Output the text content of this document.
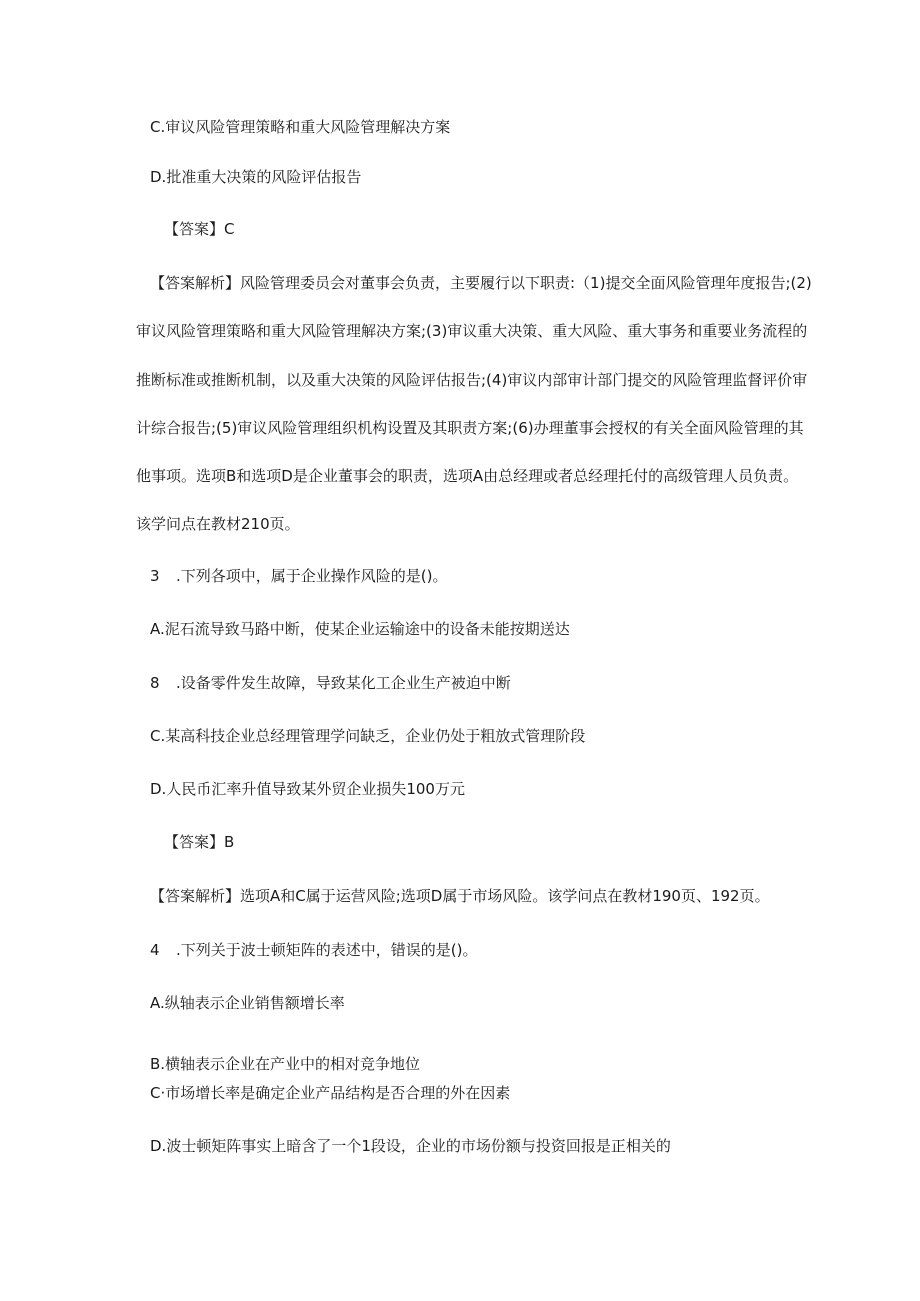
C.审议风险管理策略和重大风险管理解决方案
D.批准重大决策的风险评估报告
【答案】C
【答案解析】风险管理委员会对董事会负责，主要履行以下职责:（1)提交全面风险管理年度报告;(2)
审议风险管理策略和重大风险管理解决方案;(3)审议重大决策、重大风险、重大事务和重要业务流程的
推断标准或推断机制，以及重大决策的风险评估报告;(4)审议内部审计部门提交的风险管理监督评价审
计综合报告;(5)审议风险管理组织机构设置及其职责方案;(6)办理董事会授权的有关全面风险管理的其
他事项。选项B和选项D是企业董事会的职责，选项A由总经理或者总经理托付的高级管理人员负责。
该学问点在教材210页。
3 .下列各项中，属于企业操作风险的是()。
A.泥石流导致马路中断，使某企业运输途中的设备未能按期送达
8 .设备零件发生故障，导致某化工企业生产被迫中断
C.某高科技企业总经理管理学问缺乏，企业仍处于粗放式管理阶段
D.人民币汇率升值导致某外贸企业损失100万元
【答案】B
【答案解析】选项A和C属于运营风险;选项D属于市场风险。该学问点在教材190页、192页。
4 .下列关于波士顿矩阵的表述中，错误的是()。
A.纵轴表示企业销售额增长率
B.横轴表示企业在产业中的相对竞争地位
C·市场增长率是确定企业产品结构是否合理的外在因素
D.波士顿矩阵事实上暗含了一个1段设，企业的市场份额与投资回报是正相关的
